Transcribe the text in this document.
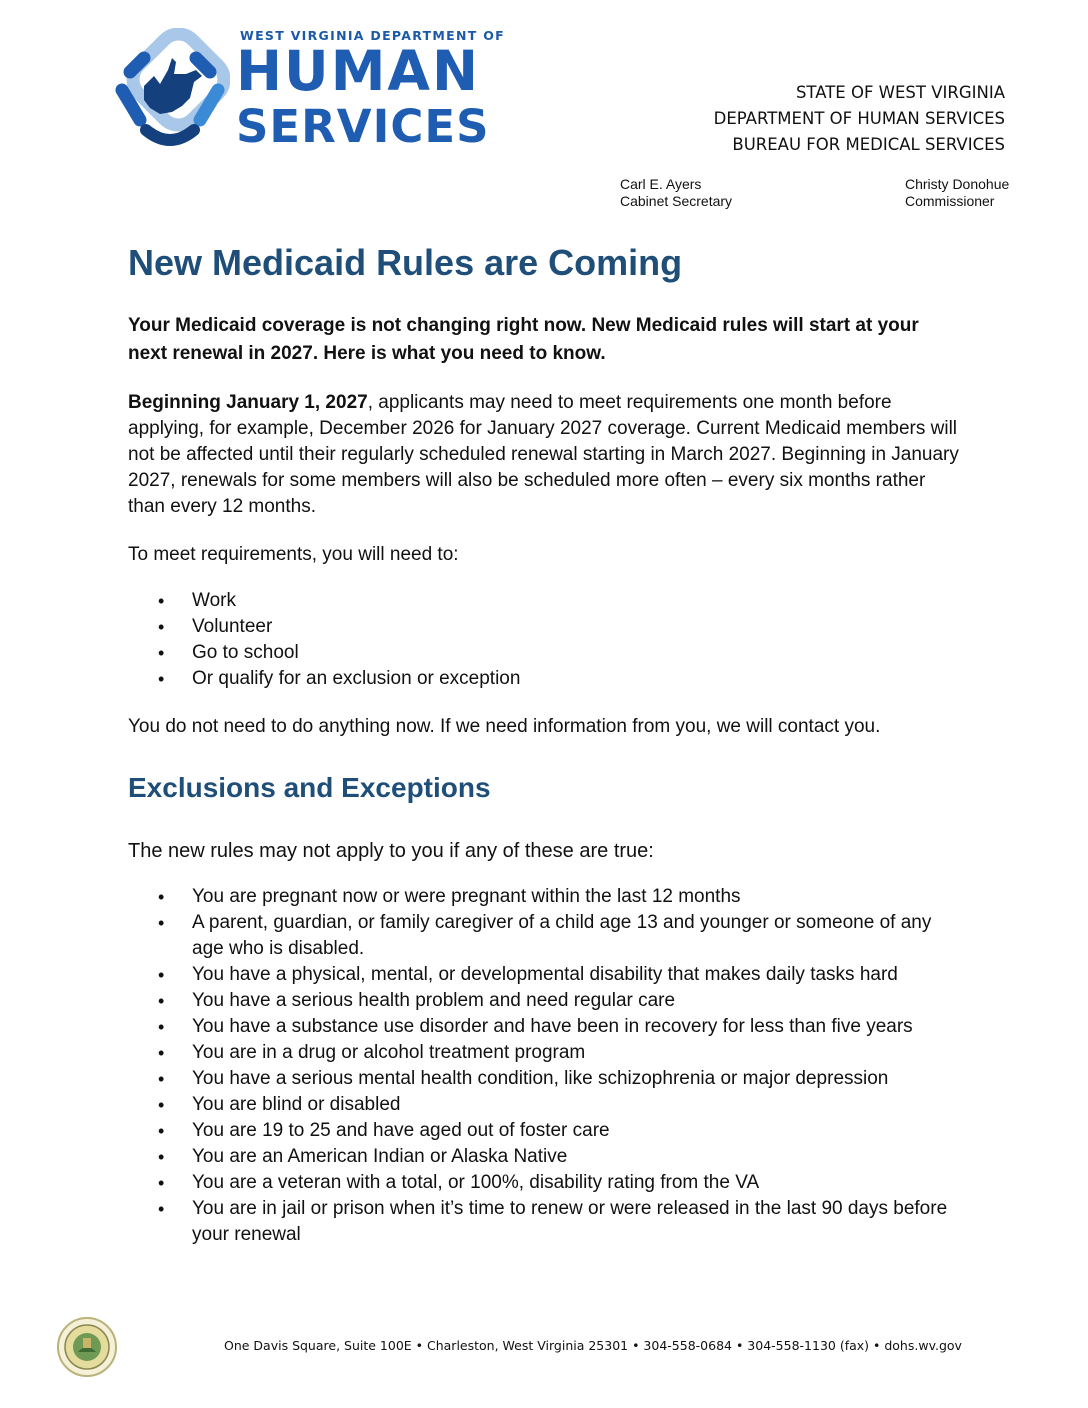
WEST VIRGINIA DEPARTMENT OF
HUMAN
SERVICES
STATE OF WEST VIRGINIA
DEPARTMENT OF HUMAN SERVICES
BUREAU FOR MEDICAL SERVICES
Carl E. Ayers
Cabinet Secretary
Christy Donohue
Commissioner
New Medicaid Rules are Coming

Your Medicaid coverage is not changing right now. New Medicaid rules will start at your next renewal in 2027. Here is what you need to know.

Beginning January 1, 2027, applicants may need to meet requirements one month before applying, for example, December 2026 for January 2027 coverage. Current Medicaid members will not be affected until their regularly scheduled renewal starting in March 2027. Beginning in January 2027, renewals for some members will also be scheduled more often – every six months rather than every 12 months.

To meet requirements, you will need to:

• Work
• Volunteer
• Go to school
• Or qualify for an exclusion or exception

You do not need to do anything now. If we need information from you, we will contact you.

Exclusions and Exceptions

The new rules may not apply to you if any of these are true:

• You are pregnant now or were pregnant within the last 12 months
• A parent, guardian, or family caregiver of a child age 13 and younger or someone of any age who is disabled.
• You have a physical, mental, or developmental disability that makes daily tasks hard
• You have a serious health problem and need regular care
• You have a substance use disorder and have been in recovery for less than five years
• You are in a drug or alcohol treatment program
• You have a serious mental health condition, like schizophrenia or major depression
• You are blind or disabled
• You are 19 to 25 and have aged out of foster care
• You are an American Indian or Alaska Native
• You are a veteran with a total, or 100%, disability rating from the VA
• You are in jail or prison when it’s time to renew or were released in the last 90 days before your renewal
One Davis Square, Suite 100E • Charleston, West Virginia 25301 • 304-558-0684 • 304-558-1130 (fax) • dohs.wv.gov
